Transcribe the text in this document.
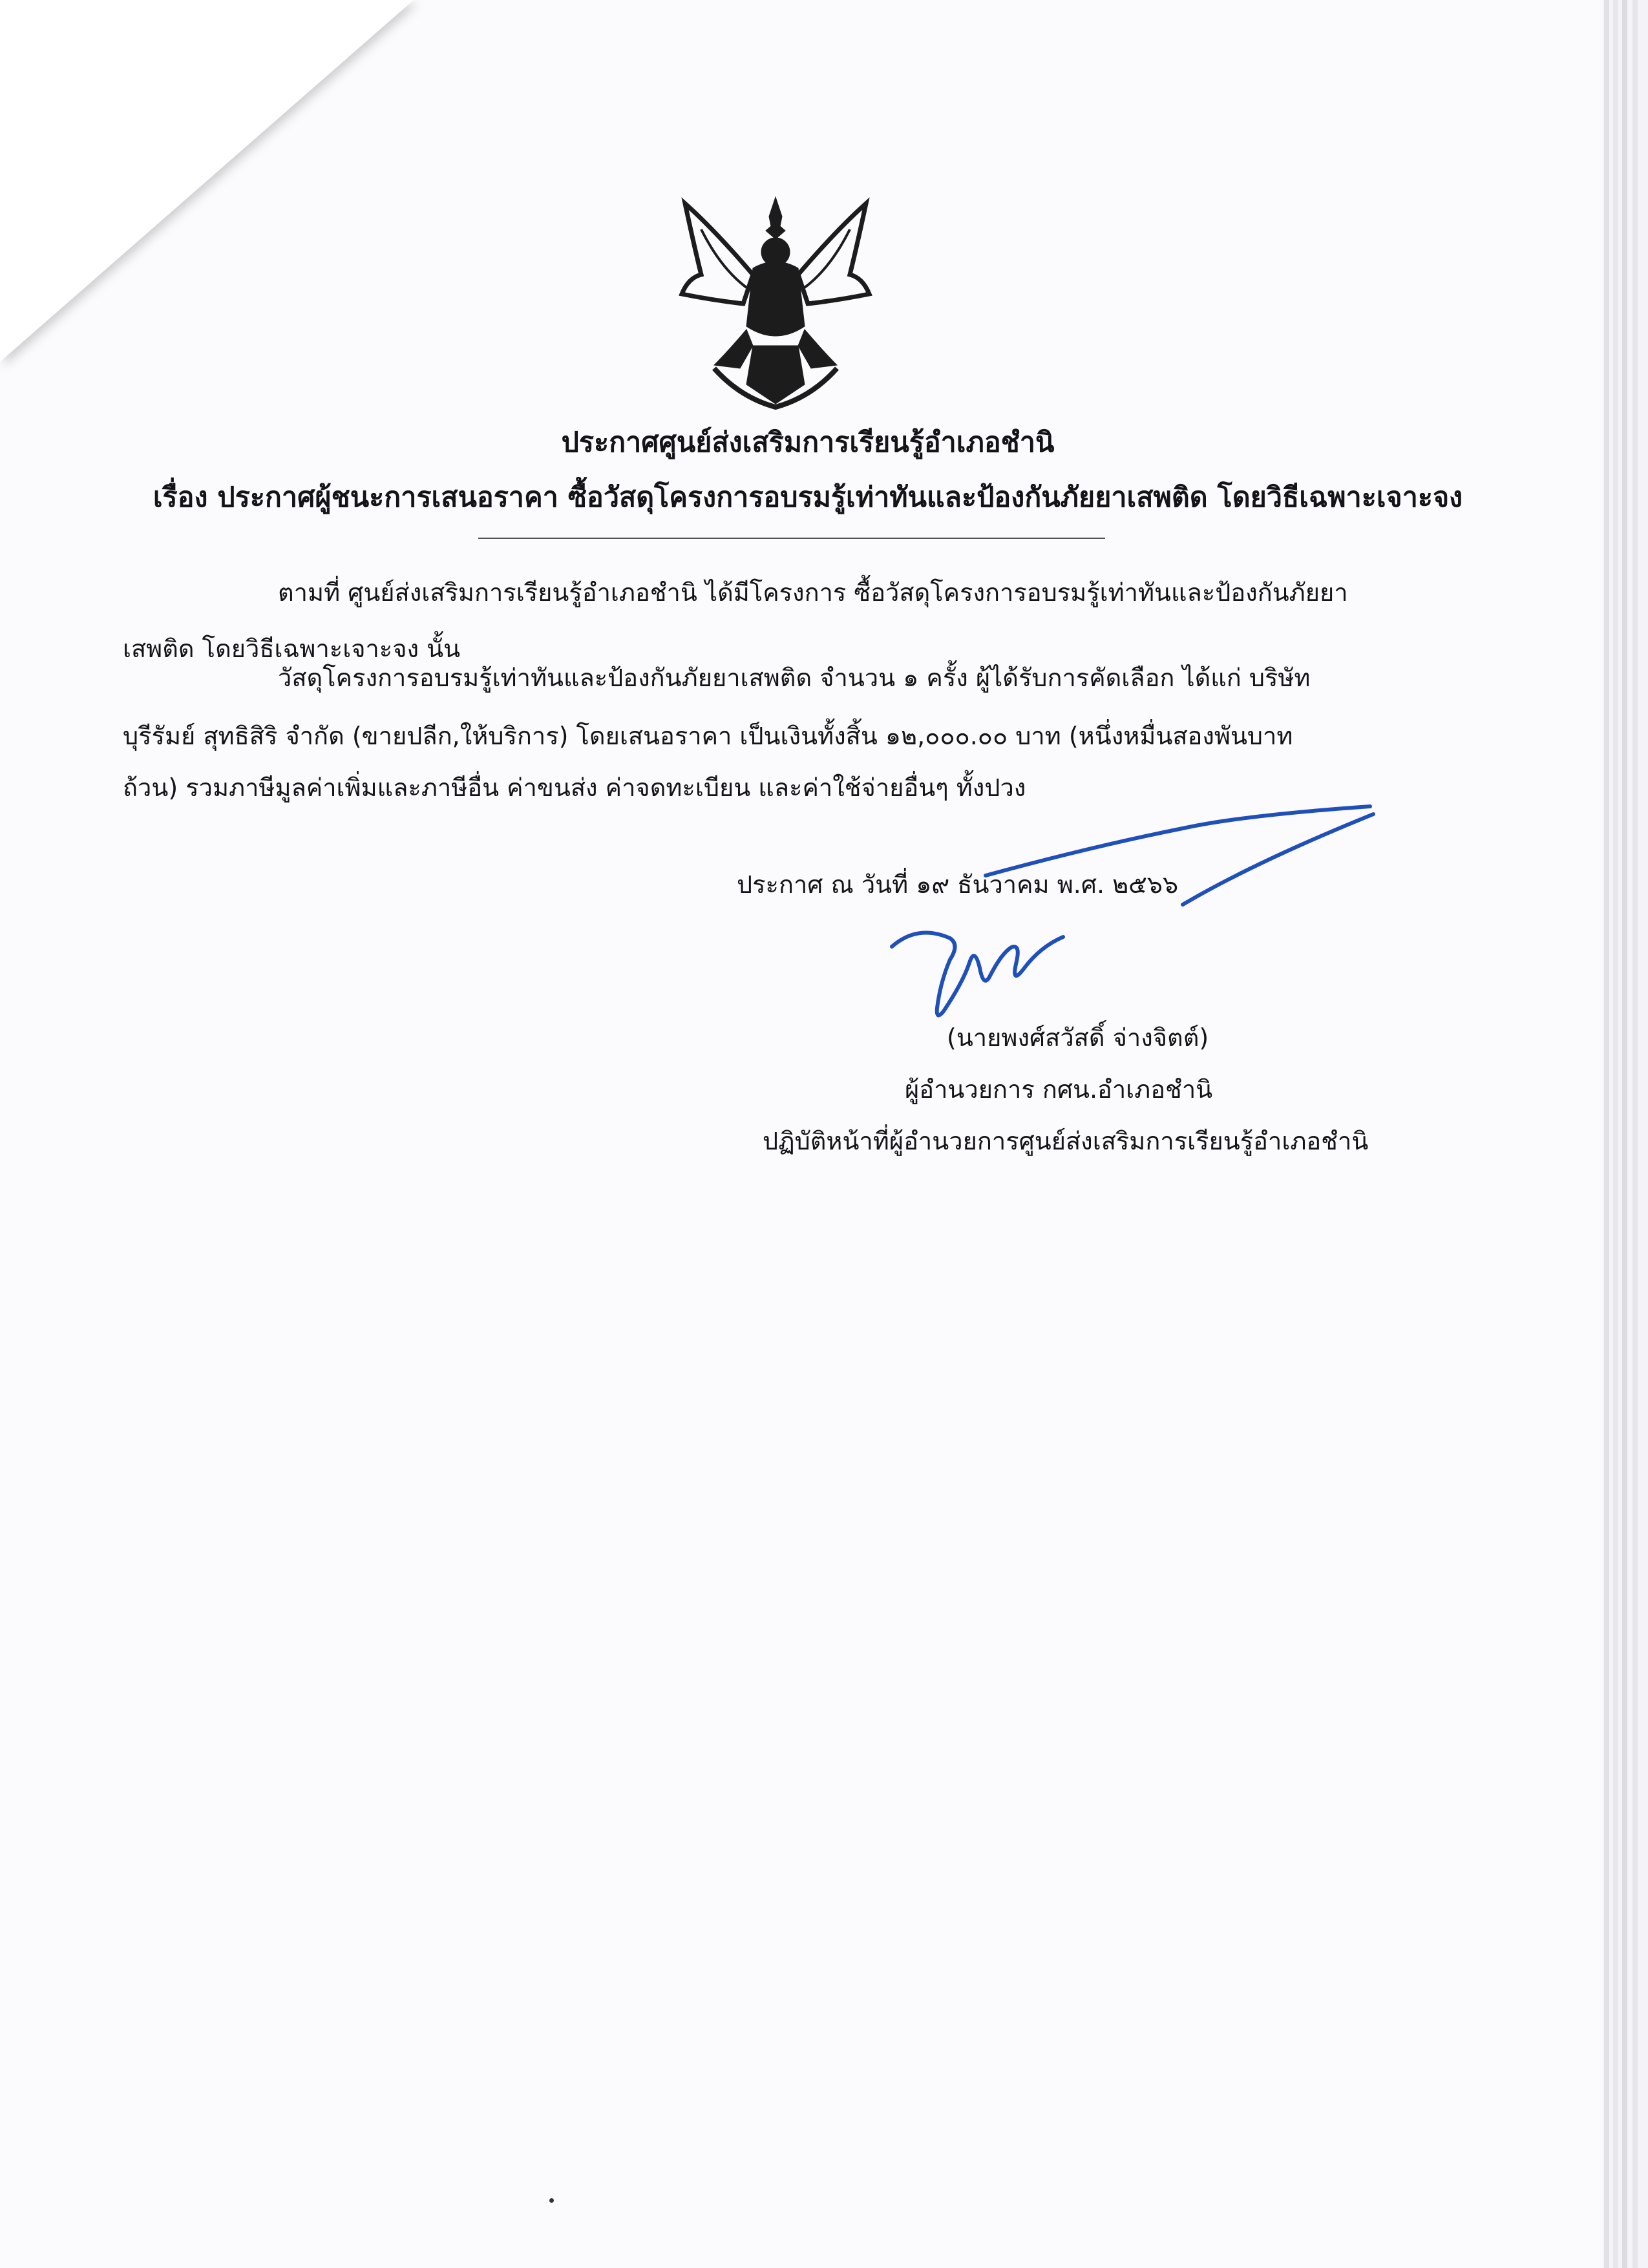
ประกาศศูนย์ส่งเสริมการเรียนรู้อำเภอชำนิ
เรื่อง ประกาศผู้ชนะการเสนอราคา ซื้อวัสดุโครงการอบรมรู้เท่าทันและป้องกันภัยยาเสพติด โดยวิธีเฉพาะเจาะจง
ตามที่ ศูนย์ส่งเสริมการเรียนรู้อำเภอชำนิ ได้มีโครงการ ซื้อวัสดุโครงการอบรมรู้เท่าทันและป้องกันภัยยา
เสพติด โดยวิธีเฉพาะเจาะจง นั้น
วัสดุโครงการอบรมรู้เท่าทันและป้องกันภัยยาเสพติด จำนวน ๑ ครั้ง ผู้ได้รับการคัดเลือก ได้แก่ บริษัท
บุรีรัมย์ สุทธิสิริ จำกัด (ขายปลีก,ให้บริการ) โดยเสนอราคา เป็นเงินทั้งสิ้น ๑๒,๐๐๐.๐๐ บาท (หนึ่งหมื่นสองพันบาท
ถ้วน) รวมภาษีมูลค่าเพิ่มและภาษีอื่น ค่าขนส่ง ค่าจดทะเบียน และค่าใช้จ่ายอื่นๆ ทั้งปวง
ประกาศ ณ วันที่ ๑๙ ธันวาคม พ.ศ. ๒๕๖๖
(นายพงศ์สวัสดิ์ จ่างจิตต์)
ผู้อำนวยการ กศน.อำเภอชำนิ
ปฏิบัติหน้าที่ผู้อำนวยการศูนย์ส่งเสริมการเรียนรู้อำเภอชำนิ
